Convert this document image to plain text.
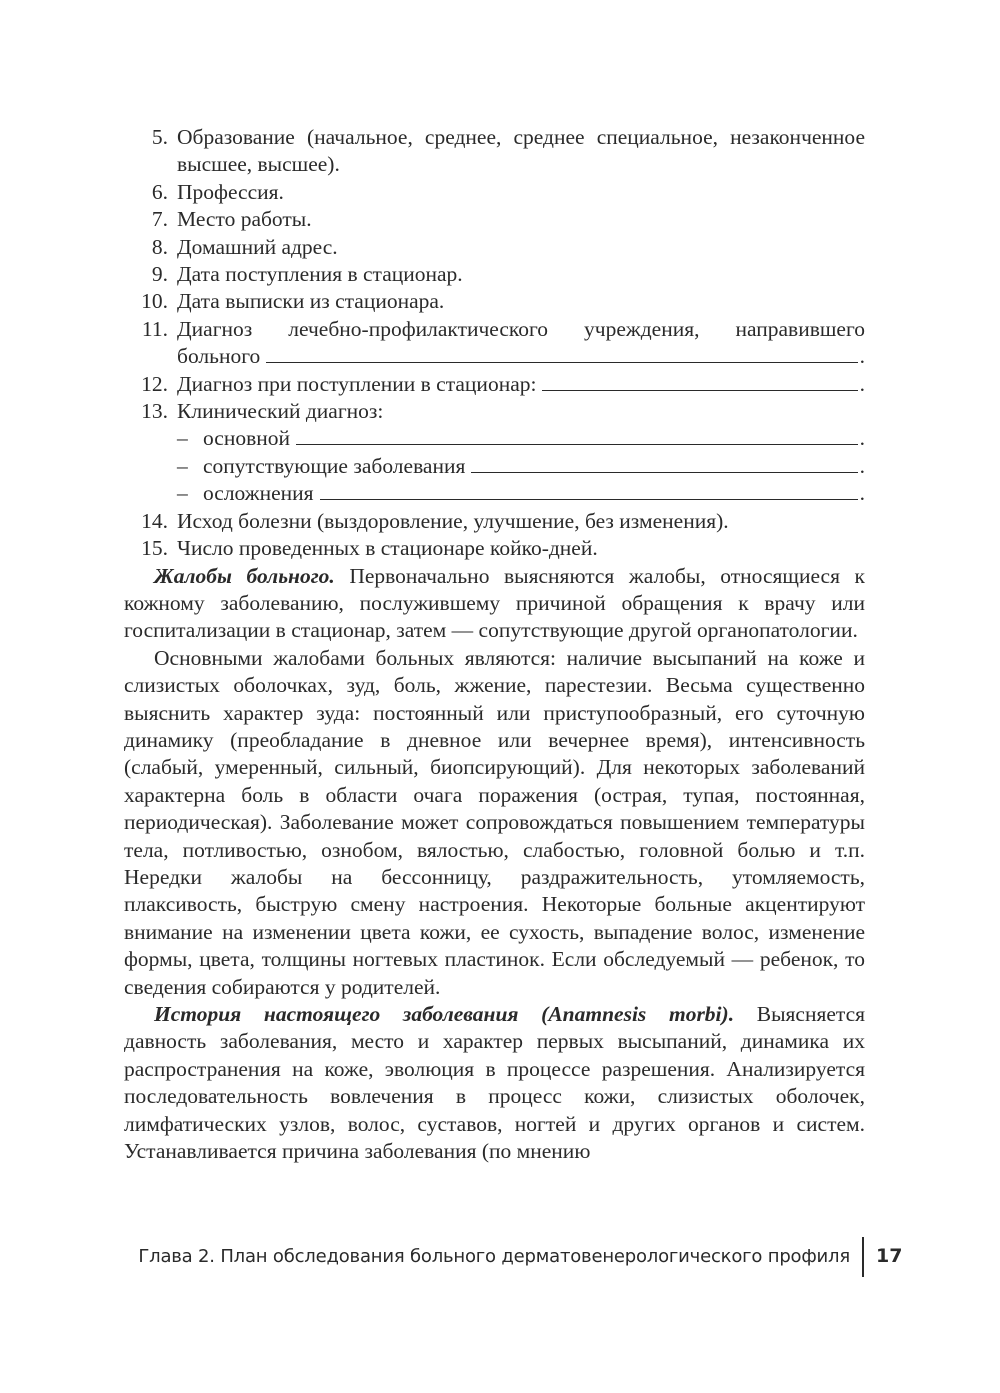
5. Образование (начальное, среднее, среднее специальное, незаконченное высшее, высшее).
6. Профессия.
7. Место работы.
8. Домашний адрес.
9. Дата поступления в стационар.
10. Дата выписки из стационара.
11. Диагноз лечебно-профилактического учреждения, направившего
больного	.
12. Диагноз при поступлении в стационар:	.
13. Клинический диагноз:
– основной	.
– сопутствующие заболевания	.
– осложнения	.
14. Исход болезни (выздоровление, улучшение, без изменения).
15. Число проведенных в стационаре койко-дней.

Жалобы больного. Первоначально выясняются жалобы, относящиеся к кожному заболеванию, послужившему причиной обращения к врачу или госпитализации в стационар, затем — сопутствующие другой органопатологии.

Основными жалобами больных являются: наличие высыпаний на коже и слизистых оболочках, зуд, боль, жжение, парестезии. Весьма существенно выяснить характер зуда: постоянный или приступообразный, его суточную динамику (преобладание в дневное или вечернее время), интенсивность (слабый, умеренный, сильный, биопсирующий). Для некоторых заболеваний характерна боль в области очага поражения (острая, тупая, постоянная, периодическая). Заболевание может сопровождаться повышением температуры тела, потливостью, ознобом, вялостью, слабостью, головной болью и т.п. Нередки жалобы на бессонницу, раздражительность, утомляемость, плаксивость, быструю смену настроения. Некоторые больные акцентируют внимание на изменении цвета кожи, ее сухость, выпадение волос, изменение формы, цвета, толщины ногтевых пластинок. Если обследуемый — ребенок, то сведения собираются у родителей.

История настоящего заболевания (Anamnesis morbi). Выясняется давность заболевания, место и характер первых высыпаний, динамика их распространения на коже, эволюция в процессе разрешения. Анализируется последовательность вовлечения в процесс кожи, слизистых оболочек, лимфатических узлов, волос, суставов, ногтей и других органов и систем. Устанавливается причина заболевания (по мнению

Глава 2. План обследования больного дерматовенерологического профиля 17
